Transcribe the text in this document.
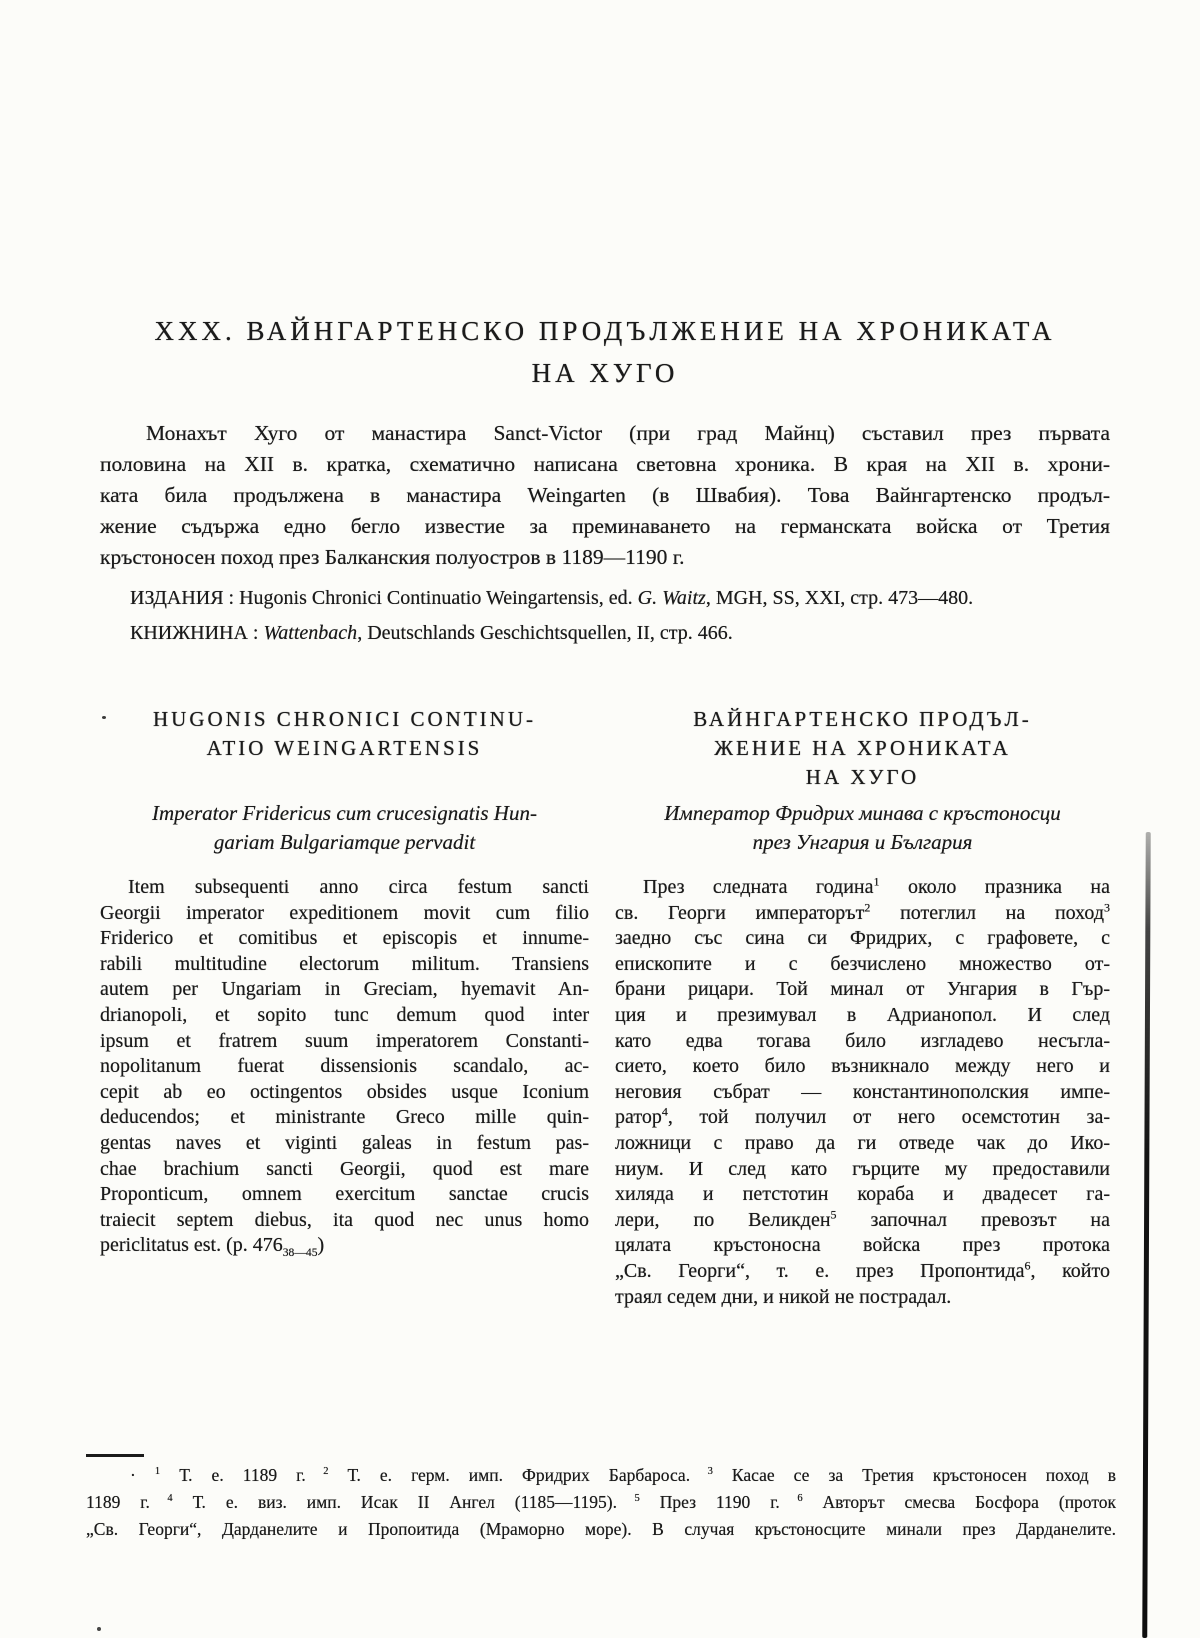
XXX. ВАЙНГАРТЕНСКО ПРОДЪЛЖЕНИЕ НА ХРОНИКАТА
НА ХУГО
Монахът Хуго от манастира Sanct-Victor (при град Майнц) съставил през първата
половина на XII в. кратка, схематично написана световна хроника. В края на XII в. хрони-
ката била продължена в манастира Weingarten (в Швабия). Това Вайнгартенско продъл-
жение съдържа едно бегло известие за преминаването на германската войска от Третия
кръстоносен поход през Балканския полуостров в 1189—1190 г.
ИЗДАНИЯ : Hugonis Chronici Continuatio Weingartensis, ed. G. Waitz, MGH, SS, XXI, стр. 473—480.
КНИЖНИНА : Wattenbach, Deutschlands Geschichtsquellen, II, стр. 466.
HUGONIS CHRONICI CONTINU-
ATIO WEINGARTENSIS
Imperator Fridericus cum crucesignatis Hun-
gariam Bulgariamque pervadit
Item subsequenti anno circa festum sancti
Georgii imperator expeditionem movit cum filio
Friderico et comitibus et episcopis et innume-
rabili multitudine electorum militum. Transiens
autem per Ungariam in Greciam, hyemavit An-
drianopoli, et sopito tunc demum quod inter
ipsum et fratrem suum imperatorem Constanti-
nopolitanum fuerat dissensionis scandalo, ac-
cepit ab eo octingentos obsides usque Iconium
deducendos; et ministrante Greco mille quin-
gentas naves et viginti galeas in festum pas-
chae brachium sancti Georgii, quod est mare
Proponticum, omnem exercitum sanctae crucis
traiecit septem diebus, ita quod nec unus homo
periclitatus est. (p. $476_{38—45}$)
ВАЙНГАРТЕНСКО ПРОДЪЛ-
ЖЕНИЕ НА ХРОНИКАТА
НА ХУГО
Император Фридрих минава с кръстоносци
през Унгария и България
През следната година$^1$ около празника на
св. Георги императорът$^2$ потеглил на поход$^3$
заедно със сина си Фридрих, с графовете, с
епископите и с безчислено множество от-
брани рицари. Той минал от Унгария в Гър-
ция и презимувал в Адрианопол. И след
като едва тогава било изгладево несъгла-
сието, което било възникнало между него и
неговия събрат — константинополския импе-
ратор$^4$, той получил от него осемстотин за-
ложници с право да ги отведе чак до Ико-
ниум. И след като гърците му предоставили
хиляда и петстотин кораба и двадесет га-
лери, по Великден$^5$ започнал превозът на
цялата кръстоносна войска през протока
„Св. Георги“, т. е. през Пропонтида$^6$, който
траял седем дни, и никой не пострадал.
· $^1$ Т. е. 1189 г. $^2$ Т. е. герм. имп. Фридрих Барбароса. $^3$ Касае се за Третия кръстоносен поход в
1189 г. $^4$ Т. е. виз. имп. Исак II Ангел (1185—1195). $^5$ През 1190 г. $^6$ Авторът смесва Босфора (проток
„Св. Георги“, Дарданелите и Пропоитида (Мраморно море). В случая кръстоносците минали през Дарданелите.
